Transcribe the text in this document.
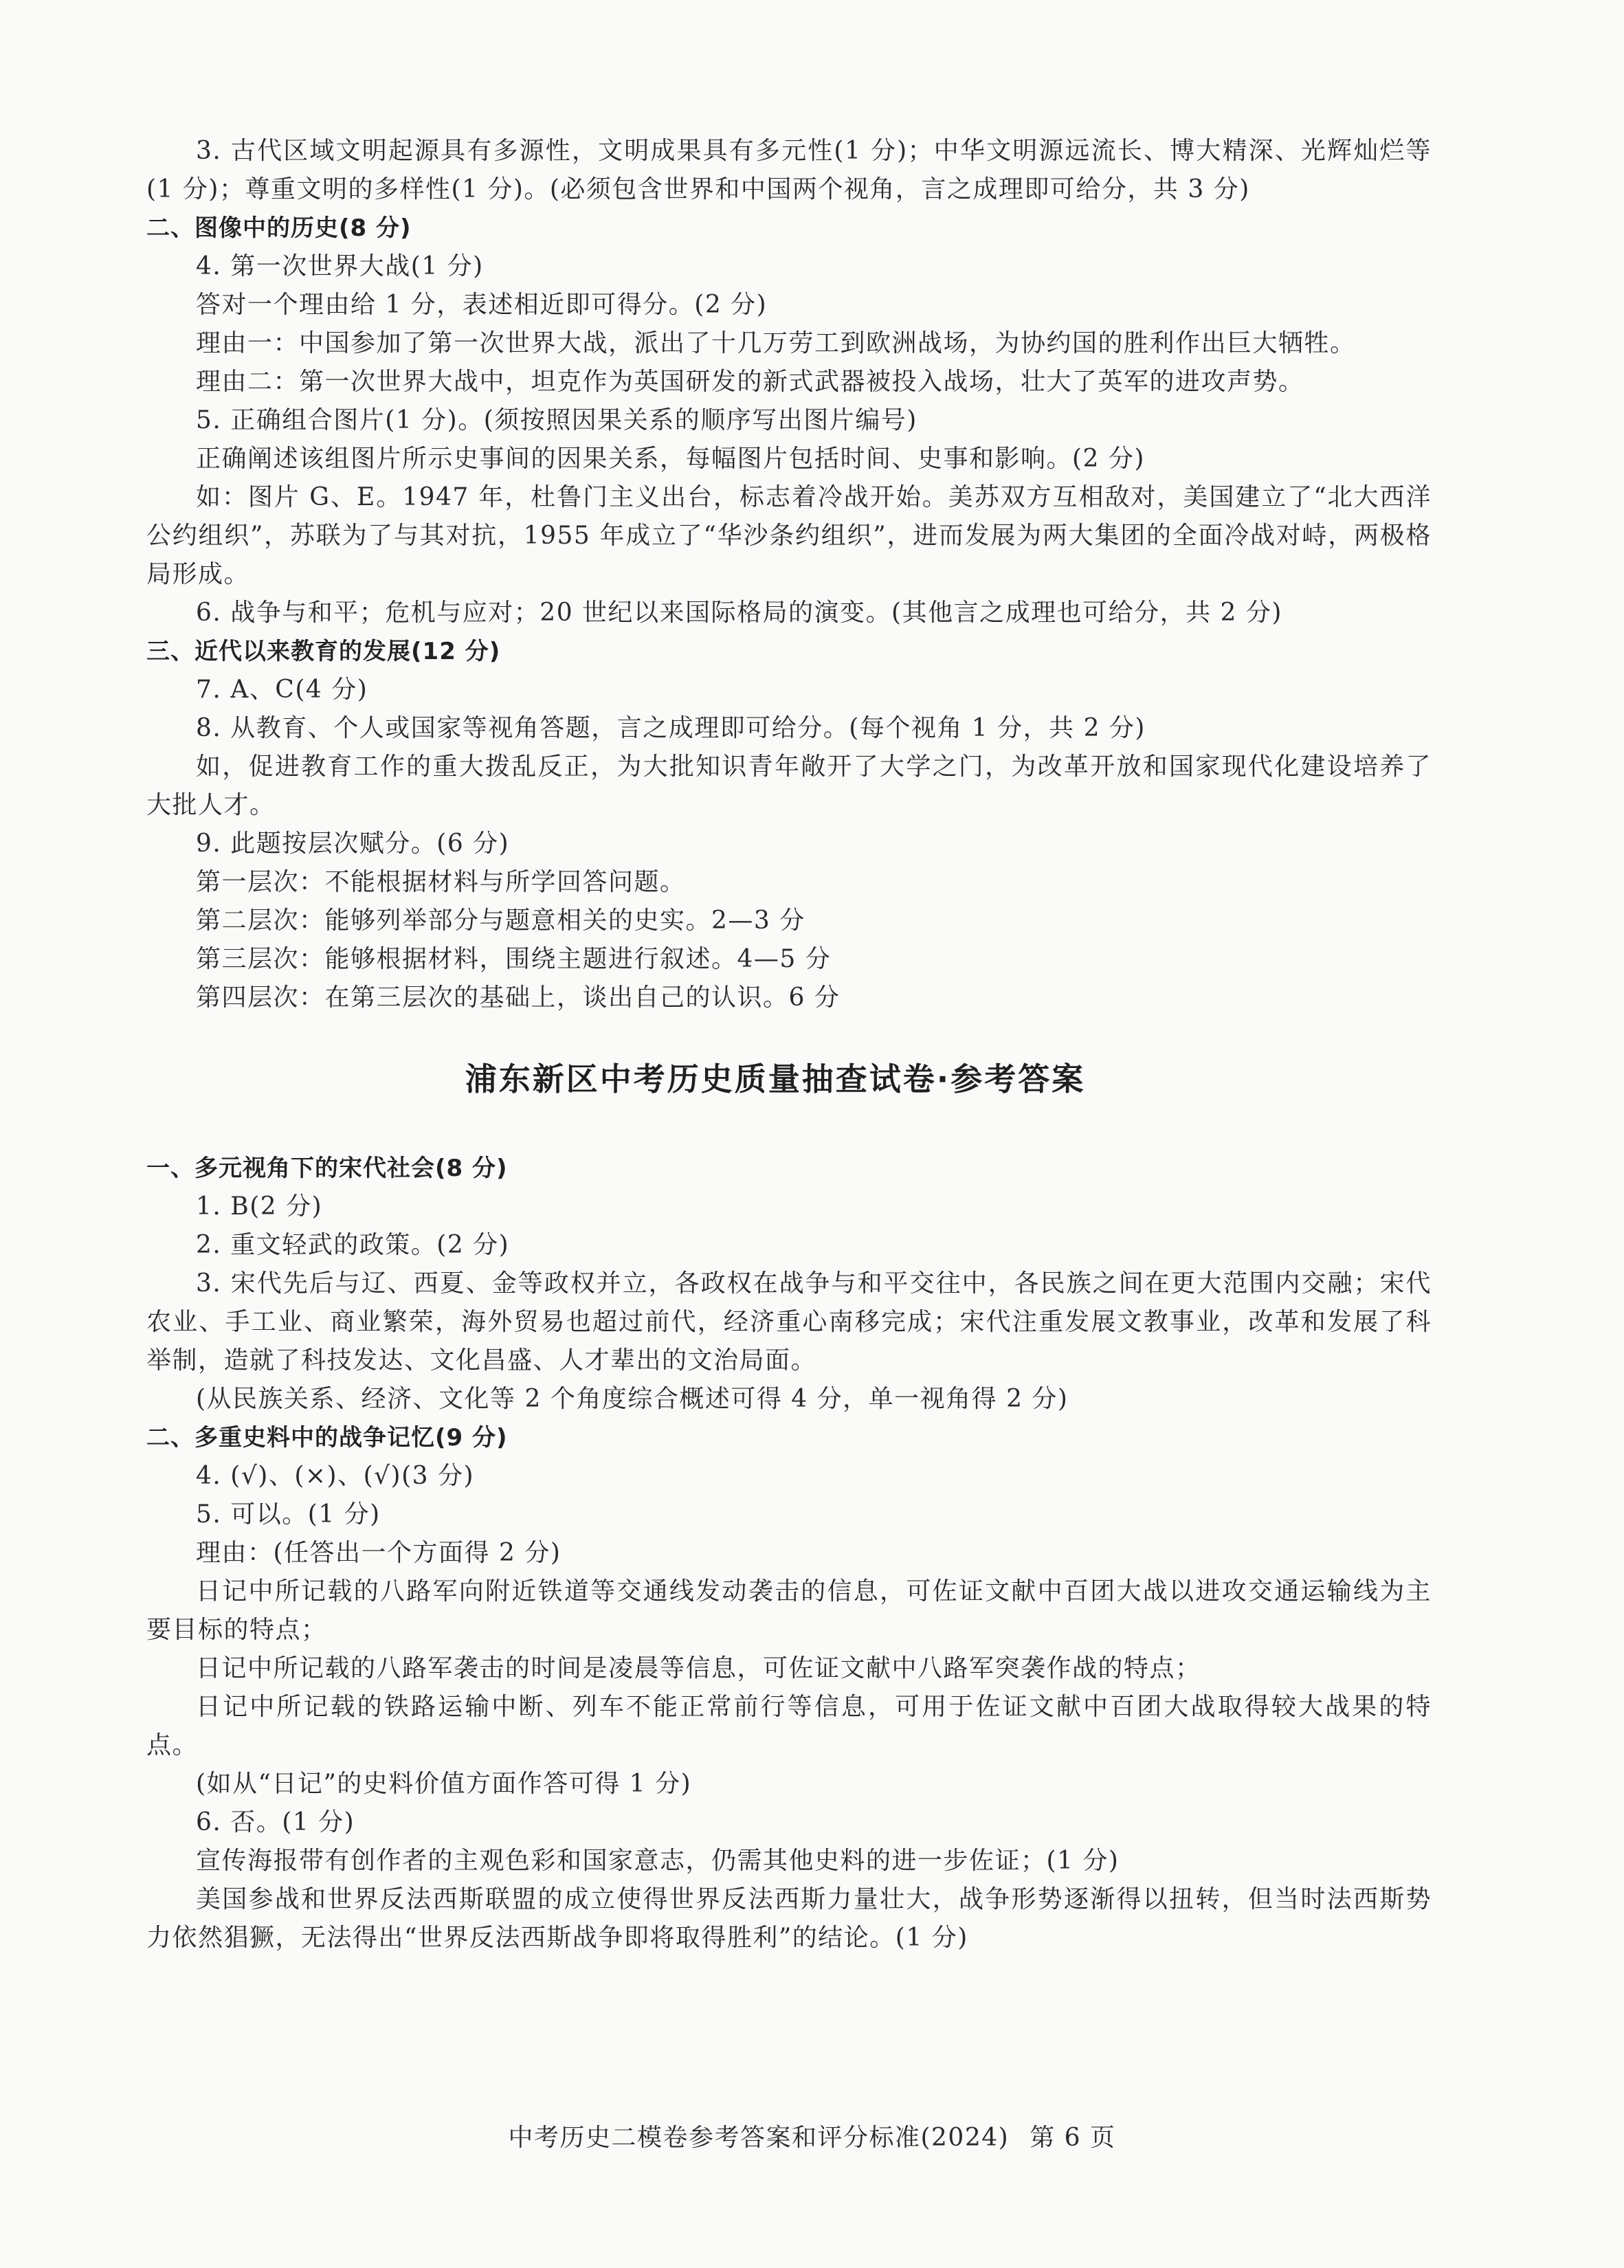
3. 古代区域文明起源具有多源性，文明成果具有多元性(1 分)；中华文明源远流长、博大精深、光辉灿烂等(1 分)；尊重文明的多样性(1 分)。(必须包含世界和中国两个视角，言之成理即可给分，共 3 分)
二、图像中的历史(8 分)
4. 第一次世界大战(1 分)
答对一个理由给 1 分，表述相近即可得分。(2 分)
理由一：中国参加了第一次世界大战，派出了十几万劳工到欧洲战场，为协约国的胜利作出巨大牺牲。
理由二：第一次世界大战中，坦克作为英国研发的新式武器被投入战场，壮大了英军的进攻声势。
5. 正确组合图片(1 分)。(须按照因果关系的顺序写出图片编号)
正确阐述该组图片所示史事间的因果关系，每幅图片包括时间、史事和影响。(2 分)
如：图片 G、E。1947 年，杜鲁门主义出台，标志着冷战开始。美苏双方互相敌对，美国建立了“北大西洋公约组织”，苏联为了与其对抗，1955 年成立了“华沙条约组织”，进而发展为两大集团的全面冷战对峙，两极格局形成。
6. 战争与和平；危机与应对；20 世纪以来国际格局的演变。(其他言之成理也可给分，共 2 分)
三、近代以来教育的发展(12 分)
7. A、C(4 分)
8. 从教育、个人或国家等视角答题，言之成理即可给分。(每个视角 1 分，共 2 分)
如，促进教育工作的重大拨乱反正，为大批知识青年敞开了大学之门，为改革开放和国家现代化建设培养了大批人才。
9. 此题按层次赋分。(6 分)
第一层次：不能根据材料与所学回答问题。
第二层次：能够列举部分与题意相关的史实。2—3 分
第三层次：能够根据材料，围绕主题进行叙述。4—5 分
第四层次：在第三层次的基础上，谈出自己的认识。6 分
浦东新区中考历史质量抽查试卷·参考答案
一、多元视角下的宋代社会(8 分)
1. B(2 分)
2. 重文轻武的政策。(2 分)
3. 宋代先后与辽、西夏、金等政权并立，各政权在战争与和平交往中，各民族之间在更大范围内交融；宋代农业、手工业、商业繁荣，海外贸易也超过前代，经济重心南移完成；宋代注重发展文教事业，改革和发展了科举制，造就了科技发达、文化昌盛、人才辈出的文治局面。
(从民族关系、经济、文化等 2 个角度综合概述可得 4 分，单一视角得 2 分)
二、多重史料中的战争记忆(9 分)
4. (√)、(×)、(√)(3 分)
5. 可以。(1 分)
理由：(任答出一个方面得 2 分)
日记中所记载的八路军向附近铁道等交通线发动袭击的信息，可佐证文献中百团大战以进攻交通运输线为主要目标的特点；
日记中所记载的八路军袭击的时间是凌晨等信息，可佐证文献中八路军突袭作战的特点；
日记中所记载的铁路运输中断、列车不能正常前行等信息，可用于佐证文献中百团大战取得较大战果的特点。
(如从“日记”的史料价值方面作答可得 1 分)
6. 否。(1 分)
宣传海报带有创作者的主观色彩和国家意志，仍需其他史料的进一步佐证；(1 分)
美国参战和世界反法西斯联盟的成立使得世界反法西斯力量壮大，战争形势逐渐得以扭转，但当时法西斯势力依然猖獗，无法得出“世界反法西斯战争即将取得胜利”的结论。(1 分)
中考历史二模卷参考答案和评分标准(2024) 第 6 页
